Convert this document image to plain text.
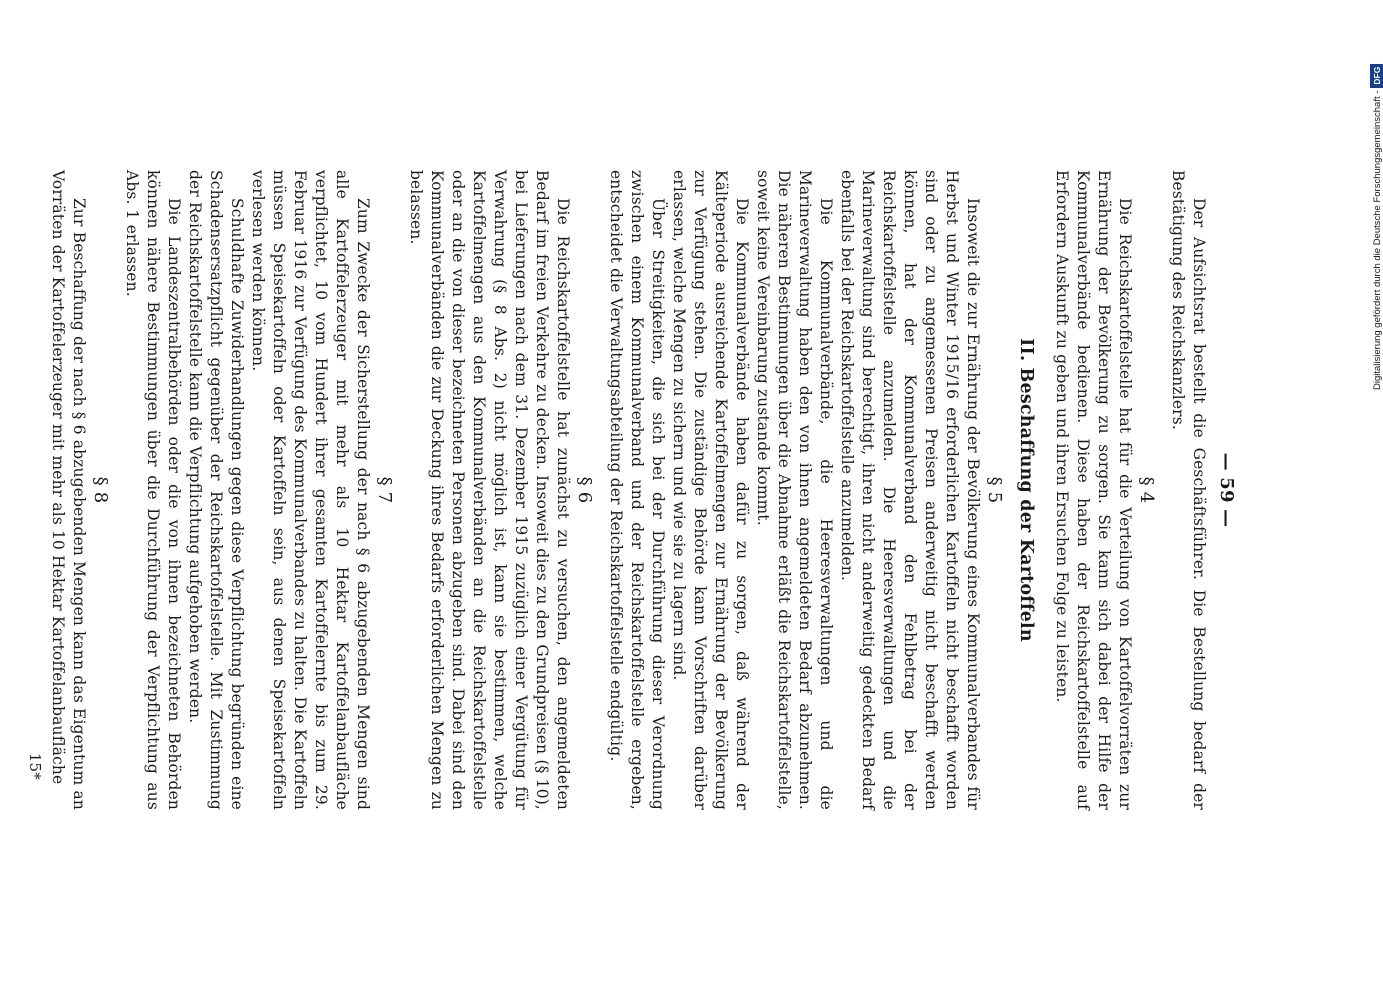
— 59 —

Der Aufsichtsrat bestellt die Geschäftsführer. Die Bestellung bedarf der Bestätigung des Reichskanzlers.

§ 4

Die Reichskartoffelstelle hat für die Verteilung von Kartoffelvorräten zur Ernährung der Bevölkerung zu sorgen. Sie kann sich dabei der Hilfe der Kommunalverbände bedienen. Diese haben der Reichskartoffelstelle auf Erfordern Auskunft zu geben und ihren Ersuchen Folge zu leisten.

II. Beschaffung der Kartoffeln
§ 5

Insoweit die zur Ernährung der Bevölkerung eines Kommunalverbandes für Herbst und Winter 1915/16 erforderlichen Kartoffeln nicht beschafft worden sind oder zu angemessenen Preisen anderweitig nicht beschafft werden können, hat der Kommunalverband den Fehlbetrag bei der Reichskartoffelstelle anzumelden. Die Heeresverwaltungen und die Marineverwaltung sind berechtigt, ihren nicht anderweitig gedeckten Bedarf ebenfalls bei der Reichskartoffelstelle anzumelden.

Die Kommunalverbände, die Heeresverwaltungen und die Marineverwaltung haben den von ihnen angemeldeten Bedarf abzunehmen. Die näheren Bestimmungen über die Abnahme erläßt die Reichskartoffelstelle, soweit keine Vereinbarung zustande kommt.

Die Kommunalverbände haben dafür zu sorgen, daß während der Kälteperiode ausreichende Kartoffelmengen zur Ernährung der Bevölkerung zur Verfügung stehen. Die zuständige Behörde kann Vorschriften darüber erlassen, welche Mengen zu sichern und wie sie zu lagern sind.

Über Streitigkeiten, die sich bei der Durchführung dieser Verordnung zwischen einem Kommunalverband und der Reichskartoffelstelle ergeben, entscheidet die Verwaltungsabteilung der Reichskartoffelstelle endgültig.

§ 6

Die Reichskartoffelstelle hat zunächst zu versuchen, den angemeldeten Bedarf im freien Verkehre zu decken. Insoweit dies zu den Grundpreisen (§ 10), bei Lieferungen nach dem 31. Dezember 1915 zuzüglich einer Vergütung für Verwahrung (§ 8 Abs. 2) nicht möglich ist, kann sie bestimmen, welche Kartoffelmengen aus den Kommunalverbänden an die Reichskartoffelstelle oder an die von dieser bezeichneten Personen abzugeben sind. Dabei sind den Kommunalverbänden die zur Deckung ihres Bedarfs erforderlichen Mengen zu belassen.

§ 7

Zum Zwecke der Sicherstellung der nach § 6 abzugebenden Mengen sind alle Kartoffelerzeuger mit mehr als 10 Hektar Kartoffelanbaufläche verpflichtet, 10 vom Hundert ihrer gesamten Kartoffelernte bis zum 29. Februar 1916 zur Verfügung des Kommunalverbandes zu halten. Die Kartoffeln müssen Speisekartoffeln oder Kartoffeln sein, aus denen Speisekartoffeln verlesen werden können.

Schuldhafte Zuwiderhandlungen gegen diese Verpflichtung begründen eine Schadensersatzpflicht gegenüber der Reichskartoffelstelle. Mit Zustimmung der Reichskartoffelstelle kann die Verpflichtung aufgehoben werden.

Die Landeszentralbehörden oder die von ihnen bezeichneten Behörden können nähere Bestimmungen über die Durchführung der Verpflichtung aus Abs. 1 erlassen.

§ 8

Zur Beschaffung der nach § 6 abzugebenden Mengen kann das Eigentum an Vorräten der Kartoffelerzeuger mit mehr als 10 Hektar Kartoffelanbaufläche

15*
Digitalisierung gefördert durch die Deutsche Forschungsgemeinschaft -DFG
